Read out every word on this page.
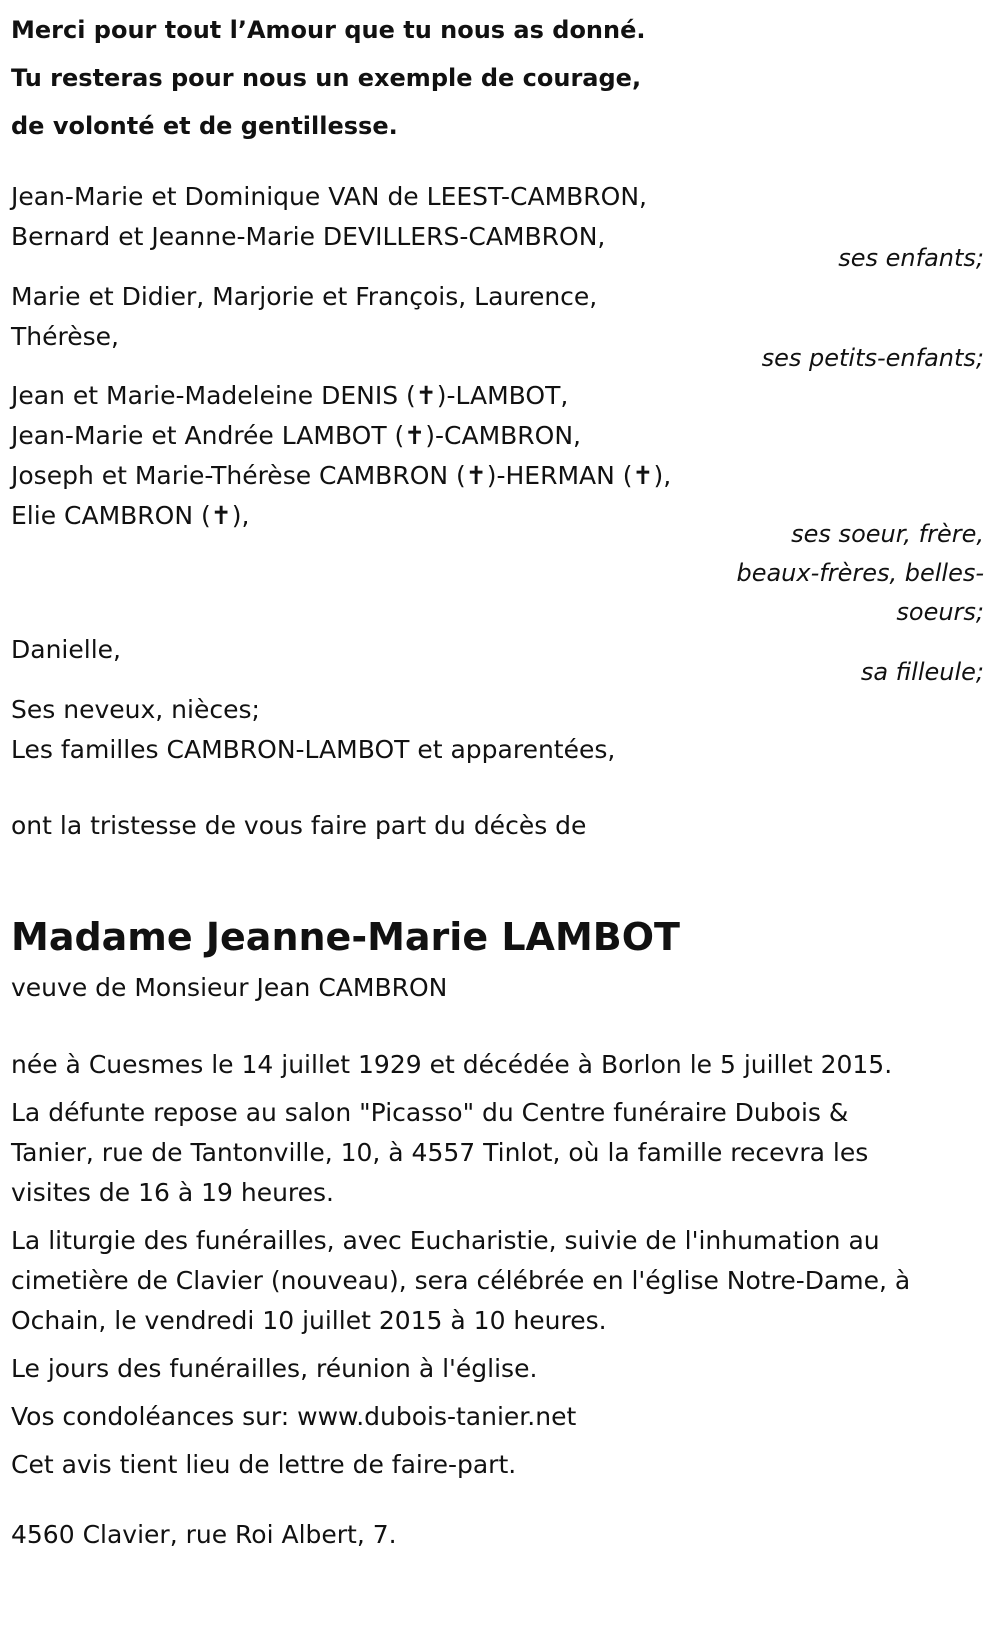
Merci pour tout l’Amour que tu nous as donné.
Tu resteras pour nous un exemple de courage,
de volonté et de gentillesse.
Jean-Marie et Dominique VAN de LEEST-CAMBRON,
Bernard et Jeanne-Marie DEVILLERS-CAMBRON,
ses enfants;
Marie et Didier, Marjorie et François, Laurence,
Thérèse,
ses petits-enfants;
Jean et Marie-Madeleine DENIS (✝)-LAMBOT,
Jean-Marie et Andrée LAMBOT (✝)-CAMBRON,
Joseph et Marie-Thérèse CAMBRON (✝)-HERMAN (✝),
Elie CAMBRON (✝),
ses soeur, frère,
beaux-frères, belles-
soeurs;
Danielle,
sa filleule;
Ses neveux, nièces;
Les familles CAMBRON-LAMBOT et apparentées,
ont la tristesse de vous faire part du décès de
Madame Jeanne-Marie LAMBOT
veuve de Monsieur Jean CAMBRON
née à Cuesmes le 14 juillet 1929 et décédée à Borlon le 5 juillet 2015.
La défunte repose au salon "Picasso" du Centre funéraire Dubois &
Tanier, rue de Tantonville, 10, à 4557 Tinlot, où la famille recevra les
visites de 16 à 19 heures.
La liturgie des funérailles, avec Eucharistie, suivie de l'inhumation au
cimetière de Clavier (nouveau), sera célébrée en l'église Notre-Dame, à
Ochain, le vendredi 10 juillet 2015 à 10 heures.
Le jours des funérailles, réunion à l'église.
Vos condoléances sur: www.dubois-tanier.net
Cet avis tient lieu de lettre de faire-part.
4560 Clavier, rue Roi Albert, 7.
